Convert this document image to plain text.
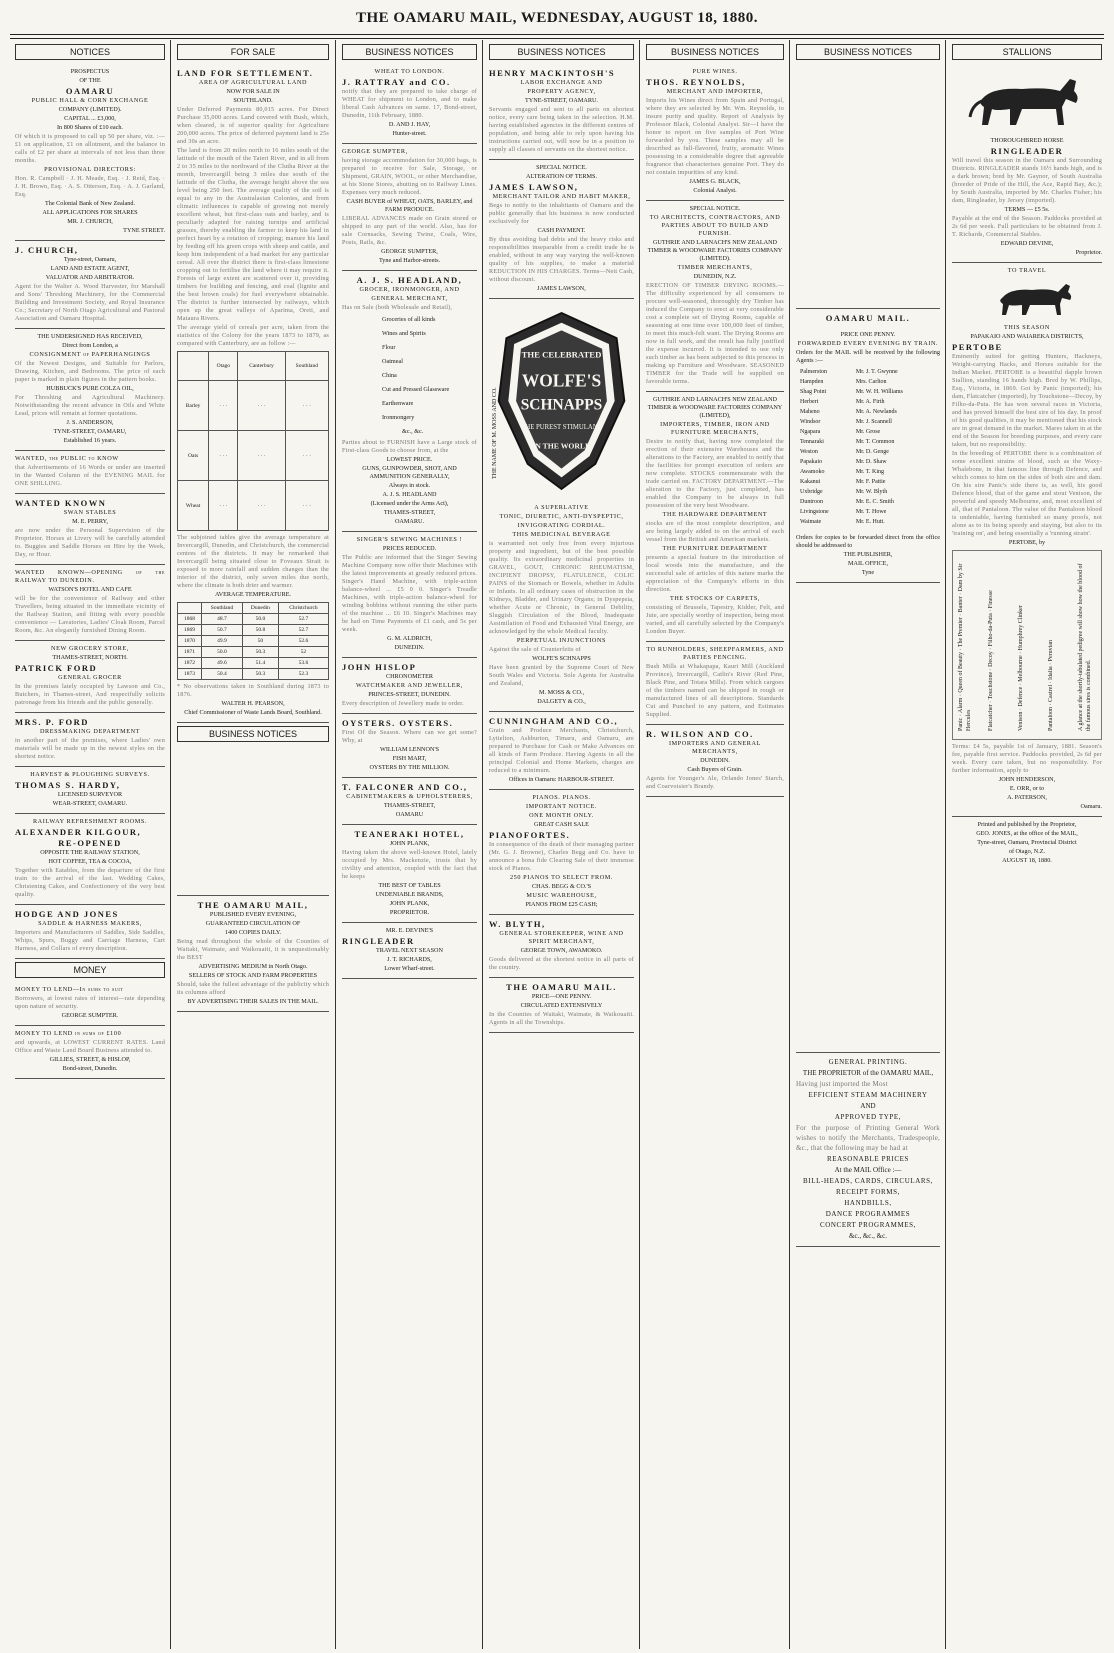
THE OAMARU MAIL, WEDNESDAY, AUGUST 18, 1880.
NOTICES

PROSPECTUS

OF THE

OAMARU

PUBLIC HALL & CORN EXCHANGE

COMPANY (LIMITED).

CAPITAL ... £3,000,

In 800 Shares of £10 each.

Of which it is proposed to call up 50 per share, viz. :—£1 on application, £1 on allotment, and the balance in calls of £2 per share at intervals of not less than three months.

PROVISIONAL DIRECTORS:

Hon. R. Campbell · J. H. Meade, Esq. · J. Reid, Esq. · J. H. Brown, Esq. · A. S. Otterson, Esq. · A. J. Garland, Esq.

The Colonial Bank of New Zealand.

ALL APPLICATIONS FOR SHARES

MR. J. CHURCH,

TYNE STREET.

J. CHURCH,

Tyne-street, Oamaru,

LAND AND ESTATE AGENT,

VALUATOR AND ARBITRATOR.

Agent for the Walter A. Wood Harvester, for Marshall and Sons' Threshing Machinery, for the Commercial Building and Investment Society, and Royal Insurance Co.; Secretary of North Otago Agricultural and Pastoral Association and Oamaru Hospital.

THE UNDERSIGNED HAS RECEIVED,

Direct from London, a

CONSIGNMENT of PAPERHANGINGS

Of the Newest Designs, and Suitable for Parlors, Drawing, Kitchen, and Bedrooms. The price of each paper is marked in plain figures in the pattern books.

HUBBUCK'S PURE COLZA OIL,

For Threshing and Agricultural Machinery. Notwithstanding the recent advance in Oils and White Lead, prices will remain at former quotations.

J. S. ANDERSON,

TYNE-STREET, OAMARU,

Established 16 years.

WANTED, the PUBLIC to KNOW

that Advertisements of 16 Words or under are inserted in the Wanted Column of the EVENING MAIL for ONE SHILLING.

WANTED KNOWN

SWAN STABLES

M. E. PERRY,

are now under the Personal Supervision of the Proprietor. Horses at Livery will be carefully attended to. Buggies and Saddle Horses on Hire by the Week, Day, or Hour.

WANTED KNOWN—OPENING of the RAILWAY TO DUNEDIN.

WATSON'S HOTEL AND CAFE

will be for the convenience of Railway and other Travellers, being situated in the immediate vicinity of the Railway Station, and fitting with every possible convenience — Lavatories, Ladies' Cloak Room, Parcel Room, &c. An elegantly furnished Dining Room.

NEW GROCERY STORE,

THAMES-STREET, NORTH.

PATRICK FORD

GENERAL GROCER

In the premises lately occupied by Lawson and Co., Butchers, in Thames-street, And respectfully solicits patronage from his friends and the public generally.

MRS. P. FORD

DRESSMAKING DEPARTMENT

in another part of the premises, where Ladies' own materials will be made up in the newest styles on the shortest notice.

HARVEST & PLOUGHING SURVEYS.

THOMAS S. HARDY,

LICENSED SURVEYOR

WEAR-STREET, OAMARU.

RAILWAY REFRESHMENT ROOMS.

ALEXANDER KILGOUR,

RE-OPENED

OPPOSITE THE RAILWAY STATION,

HOT COFFEE, TEA & COCOA,

Together with Eatables, from the departure of the first train to the arrival of the last. Wedding Cakes, Christening Cakes, and Confectionery of the very best quality.

HODGE AND JONES

SADDLE & HARNESS MAKERS,

Importers and Manufacturers of Saddles, Side Saddles, Whips, Spurs, Buggy and Carriage Harness, Cart Harness, and Collars of every description.

MONEY

MONEY TO LEND—In sums to suit

Borrowers, at lowest rates of interest—rate depending upon nature of security.

GEORGE SUMPTER.

MONEY TO LEND in sums of £100

and upwards, at LOWEST CURRENT RATES. Land Office and Waste Land Board Business attended to.

GILLIES, STREET, & HISLOP,

Bond-street, Dunedin.

FOR SALE

LAND FOR SETTLEMENT.

AREA OF AGRICULTURAL LAND

NOW FOR SALE IN

SOUTHLAND.

Under Deferred Payments 80,015 acres. For Direct Purchase 35,000 acres. Land covered with Bush, which, when cleared, is of superior quality for Agriculture 200,000 acres. The price of deferred payment land is 25s and 30s an acre.

The land is from 20 miles north to 16 miles south of the latitude of the mouth of the Taieri River, and in all from 2 to 35 miles to the northward of the Clutha River at the month, Invercargill being 3 miles due south of the latitude of the Clutha, the average height above the sea level being 250 feet. The average quality of the soil is equal to any in the Australasian Colonies, and from climatic influences is capable of growing not merely excellent wheat, but first-class oats and barley, and is peculiarly adapted for raising turnips and artificial grasses, thereby enabling the farmer to keep his land in perfect heart by a rotation of cropping; manure his land by feeding off his green crops with sheep and cattle, and keep him independent of a bad market for any particular cereal. All over the district there is first-class limestone cropping out to fertilise the land where it may require it. Forests of large extent are scattered over it, providing timbers for building and fencing, and coal (lignite and the best brown coals) for fuel everywhere obtainable. The district is further intersected by railways, which open up the great valleys of Aparima, Oreti, and Mataura Rivers.

The average yield of cereals per acre, taken from the statistics of the Colony for the years 1873 to 1879, as compared with Canterbury, are as follow :—

	Otago	Canterbury	Southland
Barley	· · ·	· · ·	· · ·
Oats	· · ·	· · ·	· · ·
Wheat	· · ·	· · ·	· · ·

The subjoined tables give the average temperature at Invercargill, Dunedin, and Christchurch, the commercial centres of the districts. It may be remarked that Invercargill being situated close to Foveaux Strait is exposed to more rainfall and sudden changes than the interior of the district, only seven miles due north, where the climate is both drier and warmer.

AVERAGE TEMPERATURE.

	Southland	Dunedin	Christchurch
1868	48.7	50.0	52.7
1869	50.7	50.8	52.7
1870	49.9	50	52.6
1871	50.0	50.3	52
1872	49.6	51.4	53.6
1873	50.4	50.3	52.3

* No observations taken in Southland during 1873 to 1876.

WALTER H. PEARSON,

Chief Commissioner of Waste Lands Board, Southland.

BUSINESS NOTICES

THE OAMARU MAIL,

PUBLISHED EVERY EVENING,

GUARANTEED CIRCULATION OF

1400 COPIES DAILY.

Being read throughout the whole of the Counties of Waitaki, Waimate, and Waikouaiti, it is unquestionably the BEST

ADVERTISING MEDIUM in North Otago.

SELLERS OF STOCK AND FARM PROPERTIES

Should, take the fullest advantage of the publicity which its columns afford

BY ADVERTISING THEIR SALES IN THE MAIL.

BUSINESS NOTICES

WHEAT TO LONDON.

J. RATTRAY and CO.

notify that they are prepared to take charge of WHEAT for shipment to London, and to make liberal Cash Advances on same. 17, Bond-street, Dunedin, 11th February, 1880.

D. AND J. HAY,

Hunter-street.

GEORGE SUMPTER,

having storage accommodation for 30,000 bags, is prepared to receive for Sale, Storage, or Shipment, GRAIN, WOOL, or other Merchandise, at his Stone Stores, abutting on to Railway Lines. Expenses very much reduced.

CASH BUYER of WHEAT, OATS, BARLEY, and FARM PRODUCE.

LIBERAL ADVANCES made on Grain stored or shipped to any part of the world. Also, has for sale Cornsacks, Sewing Twine, Coals, Wire, Posts, Rails, &c.

GEORGE SUMPTER,

Tyne and Harbor-streets.

A. J. S. HEADLAND,

GROCER, IRONMONGER, AND

GENERAL MERCHANT,

Has on Sale (both Wholesale and Retail),

Groceries of all kinds

Wines and Spirits

Flour

Oatmeal

China

Cut and Pressed Glassware

Earthenware

Ironmongery

&c., &c.

Parties about to FURNISH have a Large stock of First-class Goods to choose from, at the

LOWEST PRICE.

GUNS, GUNPOWDER, SHOT, AND AMMUNITION GENERALLY,

Always in stock.

A. J. S. HEADLAND

(Licensed under the Arms Act),

THAMES-STREET,

OAMARU.

SINGER'S SEWING MACHINES !

PRICES REDUCED.

The Public are informed that the Singer Sewing Machine Company now offer their Machines with the latest improvements at greatly reduced prices. Singer's Hand Machine, with triple-action balance-wheel ... £5 0 0. Singer's Treadle Machines, with triple-action balance-wheel for winding bobbins without running the other parts of the machine ... £6 10. Singer's Machines may be had on Time Payments of £1 cash, and 5s per week.

G. M. ALDRICH,

DUNEDIN.

JOHN HISLOP

CHRONOMETER

WATCHMAKER AND JEWELLER,

PRINCES-STREET, DUNEDIN.

Every description of Jewellery made to order.

OYSTERS. OYSTERS.

First Of the Season. Where can we get some? Why, at

WILLIAM LENNON'S

FISH MART,

OYSTERS BY THE MILLION.

T. FALCONER AND CO.,

CABINETMAKERS & UPHOLSTERERS,

THAMES-STREET,

OAMARU

TEANERAKI HOTEL,

JOHN PLANK,

Having taken the above well-known Hotel, lately occupied by Mrs. Mackenzie, trusts that by civility and attention, coupled with the fact that he keeps

THE BEST OF TABLES

UNDENIABLE BRANDS,

JOHN PLANK,

PROPRIETOR.

MR. E. DEVINE'S

RINGLEADER

TRAVEL NEXT SEASON

J. T. RICHARDS,

Lower Wharf-street.

BUSINESS NOTICES

HENRY MACKINTOSH'S

LABOR EXCHANGE AND

PROPERTY AGENCY,

TYNE-STREET, OAMARU.

Servants engaged and sent to all parts on shortest notice, every care being taken in the selection. H.M. having established agencies in the different centres of population, and being able to rely upon having his instructions carried out, will now be in a position to supply all classes of servants on the shortest notice.

SPECIAL NOTICE.

ALTERATION OF TERMS.

JAMES LAWSON,

MERCHANT TAILOR AND HABIT MAKER,

Begs to notify to the inhabitants of Oamaru and the public generally that his business is now conducted exclusively for

CASH PAYMENT.

By thus avoiding bad debts and the heavy risks and responsibilities inseparable from a credit trade he is enabled, without in any way varying the well-known quality of his supplies, to make a material REDUCTION IN HIS CHARGES. Terms—Nett Cash, without discount.

JAMES LAWSON,

THE CELEBRATED
WOLFE'S
SCHNAPPS
THE PUREST STIMULANT
IN THE WORLD
THE NAME OF M. MOSS AND CO.

A SUPERLATIVE

TONIC, DIURETIC, ANTI-DYSPEPTIC,

INVIGORATING CORDIAL.

THIS MEDICINAL BEVERAGE

is warranted not only free from every injurious property and ingredient, but of the best possible quality. Its extraordinary medicinal properties in GRAVEL, GOUT, CHRONIC RHEUMATISM, INCIPIENT DROPSY, FLATULENCE, COLIC PAINS of the Stomach or Bowels, whether in Adults or Infants. In all ordinary cases of obstruction in the Kidneys, Bladder, and Urinary Organs; in Dyspepsia, whether Acute or Chronic, in General Debility, Sluggish Circulation of the Blood, Inadequate Assimilation of Food and Exhausted Vital Energy, are acknowledged by the whole Medical faculty.

PERPETUAL INJUNCTIONS

Against the sale of Counterfeits of

WOLFE'S SCHNAPPS

Have been granted by the Supreme Court of New South Wales and Victoria. Sole Agents for Australia and Zealand,

M. MOSS & CO.,

DALGETY & CO.,

CUNNINGHAM AND CO.,

Grain and Produce Merchants, Christchurch, Lyttelton, Ashburton, Timaru, and Oamaru, are prepared to Purchase for Cash or Make Advances on all kinds of Farm Produce. Having Agents in all the principal Colonial and Home Markets, charges are reduced to a minimum.

Offices in Oamaru: HARBOUR-STREET.

PIANOS. PIANOS.

IMPORTANT NOTICE.

ONE MONTH ONLY.

GREAT CASH SALE

PIANOFORTES.

In consequence of the death of their managing partner (Mr. G. J. Browne), Charles Begg and Co. have to announce a bona fide Clearing Sale of their immense stock of Pianos.

250 PIANOS TO SELECT FROM.

CHAS. BEGG & CO.'S

MUSIC WAREHOUSE,

PIANOS FROM £25 CASH;

W. BLYTH,

GENERAL STOREKEEPER, WINE AND SPIRIT MERCHANT,

GEORGE TOWN, AWAMOKO.

Goods delivered at the shortest notice in all parts of the country.

THE OAMARU MAIL.

PRICE—ONE PENNY.

CIRCULATED EXTENSIVELY

In the Counties of Waitaki, Waimate, & Waikouaiti. Agents in all the Townships.

BUSINESS NOTICES

PURE WINES.

THOS. REYNOLDS,

MERCHANT AND IMPORTER,

Imports his Wines direct from Spain and Portugal, where they are selected by Mr. Wm. Reynolds, to insure purity and quality. Report of Analysis by Professor Black, Colonial Analyst. Sir—I have the honor to report on five samples of Port Wine forwarded by you. These samples may all be described as full-flavored, fruity, aromatic Wines possessing in a considerable degree that agreeable fragrance that characterises genuine Port. They do not contain impurities of any kind.

JAMES G. BLACK,

Colonial Analyst.

SPECIAL NOTICE.

TO ARCHITECTS, CONTRACTORS, AND PARTIES ABOUT TO BUILD AND FURNISH.

GUTHRIE AND LARNACH'S NEW ZEALAND TIMBER & WOODWARE FACTORIES COMPANY (LIMITED).

TIMBER MERCHANTS,

DUNEDIN, N.Z.

ERECTION OF TIMBER DRYING ROOMS.—The difficulty experienced by all consumers to procure well-seasoned, thoroughly dry Timber has induced the Company to erect at very considerable cost a complete set of Drying Rooms, capable of seasoning at one time over 100,000 feet of timber, to meet this much-felt want. The Drying Rooms are now in full work, and the result has fully justified the expense incurred. It is intended to use only such timber as has been subjected to this process in making up Furniture and Woodware. SEASONED TIMBER for the Trade will be supplied on favorable terms.

GUTHRIE AND LARNACH'S NEW ZEALAND TIMBER & WOODWARE FACTORIES COMPANY (LIMITED),

IMPORTERS, TIMBER, IRON AND FURNITURE MERCHANTS,

Desire to notify that, having now completed the erection of their extensive Warehouses and the alterations to the Factory, are enabled to notify that the facilities for prompt execution of orders are now complete. STOCKS commensurate with the trade carried on. FACTORY DEPARTMENT.—The alteration to the Factory, just completed, has enabled the Company to be always in full possession of the very best Woodware.

THE HARDWARE DEPARTMENT

stocks are of the most complete description, and are being largely added to on the arrival of each vessel from the British and American markets.

THE FURNITURE DEPARTMENT

presents a special feature in the introduction of local woods into the manufacture, and the successful sale of articles of this nature marks the appreciation of the Company's efforts in this direction.

THE STOCKS OF CARPETS,

consisting of Brussels, Tapestry, Kidder, Felt, and Jute, are specially worthy of inspection, being most varied, and all carefully selected by the Company's London Buyer.

TO RUNHOLDERS, SHEEPFARMERS, AND PARTIES FENCING.

Bush Mills at Whakapapa, Kauri Mill (Auckland Province), Invercargill, Catlin's River (Red Pine, Black Pine, and Totara Mills). From which cargoes of the timbers named can be shipped in rough or manufactured lines of all descriptions. Standards Cut and Punched to any pattern, and Estimates Supplied.

R. WILSON AND CO.

IMPORTERS AND GENERAL MERCHANTS,

DUNEDIN.

Cash Buyers of Grain.

Agents for Younger's Ale, Orlando Jones' Starch, and Coarvoisier's Brandy.

BUSINESS NOTICES

OAMARU MAIL.

PRICE ONE PENNY.

FORWARDED EVERY EVENING BY TRAIN.

Orders for the MAIL will be received by the following Agents :—

Palmerston	Mr. J. T. Gwynne
Hampden	Mrs. Carlton
Shag Point	Mr. W. H. Williams
Herbert	Mr. A. Firth
Maheno	Mr. A. Newlands
Windsor	Mr. J. Scannell
Ngapara	Mr. Grose
Tennaraki	Mr. T. Common
Weston	Mr. D. Genge
Papakaio	Mr. D. Shaw
Awamoko	Mr. T. King
Kakanui	Mr. F. Pattie
Uxbridge	Mr. W. Blyth
Duntroon	Mr. E. C. Smith
Livingstone	Mr. T. Howe
Waimate	Mr. E. Hutt.

Orders for copies to be forwarded direct from the office should be addressed to

THE PUBLISHER,

MAIL OFFICE,

Tyne

GENERAL PRINTING.

THE PROPRIETOR of the OAMARU MAIL,

Having just imported the Most

EFFICIENT STEAM MACHINERY

AND

APPROVED TYPE,

For the purpose of Printing General Work wishes to notify the Merchants, Tradespeople, &c., that the following may be had at

REASONABLE PRICES

At the MAIL Office :—

BILL-HEADS, CARDS, CIRCULARS,

RECEIPT FORMS,

HANDBILLS,

DANCE PROGRAMMES

CONCERT PROGRAMMES,

&c., &c., &c.

STALLIONS

THOROUGHBRED HORSE

RINGLEADER

Will travel this season in the Oamaru and Surrounding Districts. RINGLEADER stands 16½ hands high, and is a dark brown; bred by Mr. Gaynor, of South Australia (breeder of Pride of the Hill, the Ace, Rapid Bay, &c.); by South Australia, imported by Mr. Charles Fisher; his dam, Ringleader, by Jersey (imported).

TERMS — £5 5s.

Payable at the end of the Season. Paddocks provided at 2s 6d per week. Full particulars to be obtained from J. T. Richards, Commercial Stables.

EDWARD DEVINE,

Proprietor.

TO TRAVEL

THIS SEASON

PAPAKAIO AND WAIAREKA DISTRICTS,

PERTOBE

Eminently suited for getting Hunters, Hackneys, Weight-carrying Hacks, and Horses suitable for the Indian Market. PERTOBE is a beautiful dapple brown Stallion, standing 16 hands high. Bred by W. Phillips, Esq., Victoria, in 1869. Got by Panic (imported); his dam, Flatcatcher (imported), by Touchstone—Decoy, by Filho-da-Puta. He has won several races in Victoria, and has proved himself the best sire of his day. In proof of his good qualities, it may be mentioned that his stock are in great demand in the market. Mares taken in at the end of the Season for breeding purposes, and every care taken, but no responsibility.

In the breeding of PERTOBE there is a combination of some excellent strains of blood, such as the Waxy-Whalebone, in that famous line through Defence, and which comes to him on the sides of both sire and dam. On his sire Panic's side there is, as well, his good Defence blood, that of the game and stout Venison, the powerful and speedy Melbourne, and, most excellent of all, that of Pantaloon. The value of the Pantaloon blood is undeniable, having furnished so many proofs, not alone as to its being speedy and staying, but also to its 'training on', and being essentially a 'running strain'.

PERTOBE, by

Panic · Alarm · Queen of Beauty · The Premier · Banter · Dam by Sir Hercules	Flatcatcher · Touchstone · Decoy · Filho-da-Puta · Finesse	Venison · Defence · Melbourne · Humphrey Clinker	Pantaloon · Castrel · Idalia · Peruvian	A glance at the shortly-tabulated pedigree will show how the blood of the famous sires is combined.

Terms: £4 5s, payable 1st of January, 1881. Season's fee, payable first service. Paddocks provided, 2s 6d per week. Every care taken, but no responsibility. For further information, apply to

JOHN HENDERSON,

E. ORR, or to

A. PATERSON,

Oamaru.

Printed and published by the Proprietor,

GEO. JONES, at the office of the MAIL,

Tyne-street, Oamaru, Provincial District

of Otago, N.Z.

AUGUST 18, 1880.
